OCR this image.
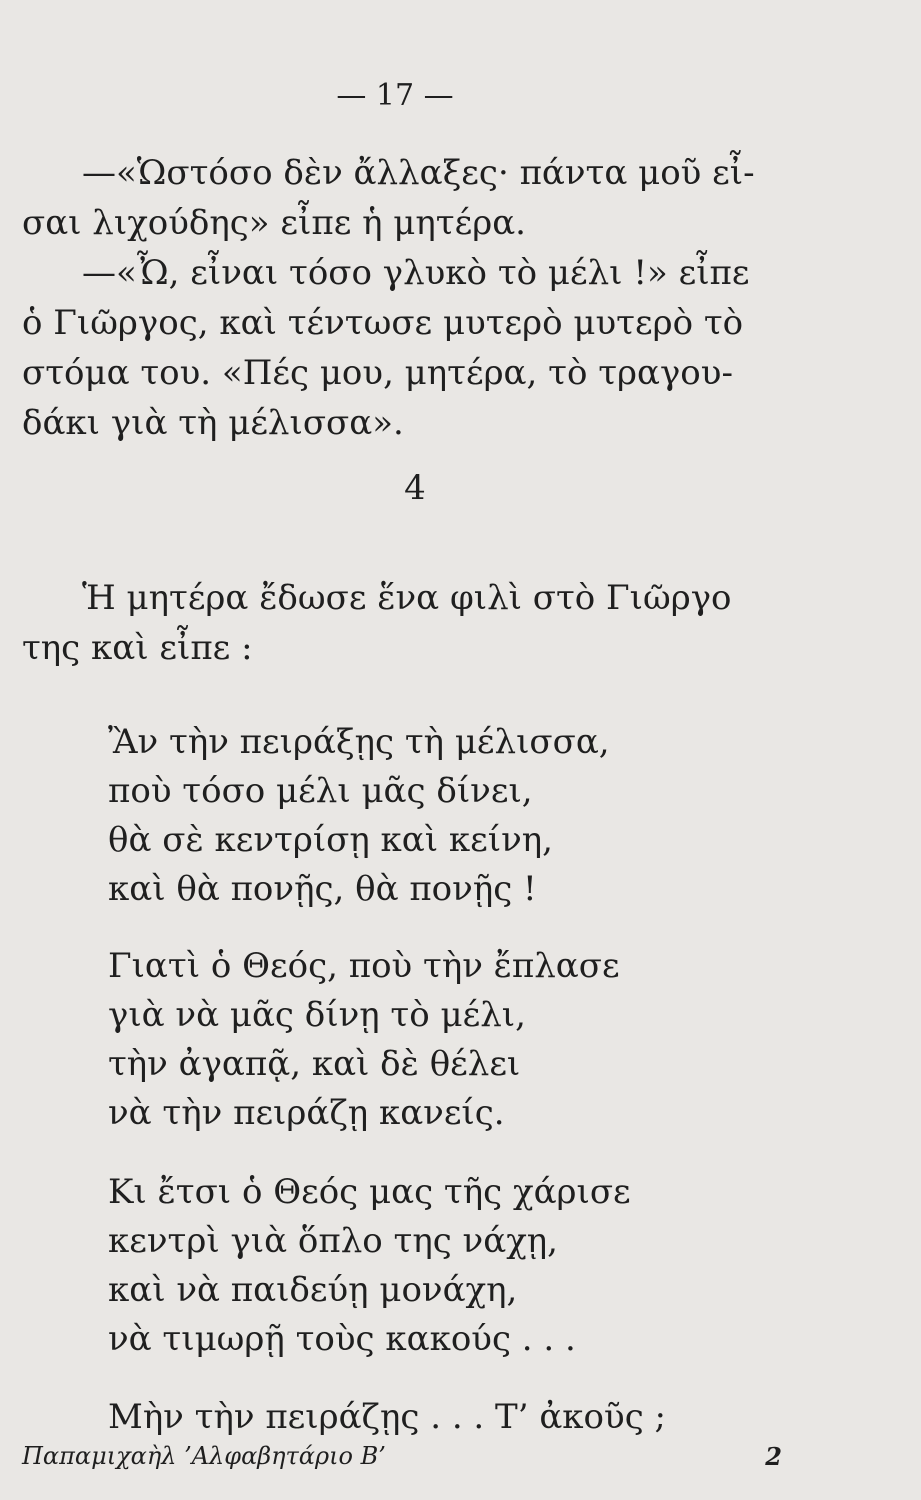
— 17 —
—«Ὡστόσο δὲν ἄλλαξες· πάντα μοῦ εἶ-
σαι λιχούδης» εἶπε ἡ μητέρα.
—«Ὦ, εἶναι τόσο γλυκὸ τὸ μέλι !» εἶπε
ὁ Γιῶργος, καὶ τέντωσε μυτερὸ μυτερὸ τὸ
στόμα του. «Πές μου, μητέρα, τὸ τραγου-
δάκι γιὰ τὴ μέλισσα».
4
Ἡ μητέρα ἔδωσε ἕνα φιλὶ στὸ Γιῶργο
της καὶ εἶπε :
Ἂν τὴν πειράξῃς τὴ μέλισσα,
ποὺ τόσο μέλι μᾶς δίνει,
θὰ σὲ κεντρίσῃ καὶ κείνη,
καὶ θὰ πονῇς, θὰ πονῇς !
Γιατὶ ὁ Θεός, ποὺ τὴν ἔπλασε
γιὰ νὰ μᾶς δίνῃ τὸ μέλι,
τὴν ἀγαπᾷ, καὶ δὲ θέλει
νὰ τὴν πειράζῃ κανείς.
Κι ἔτσι ὁ Θεός μας τῆς χάρισε
κεντρὶ γιὰ ὅπλο της νάχῃ,
καὶ νὰ παιδεύῃ μονάχη,
νὰ τιμωρῇ τοὺς κακούς . . .
Μὴν τὴν πειράζῃς . . . Τ’ ἀκοῦς ;
Παπαμιχαὴλ ’Αλφαβητάριο Β’	2
